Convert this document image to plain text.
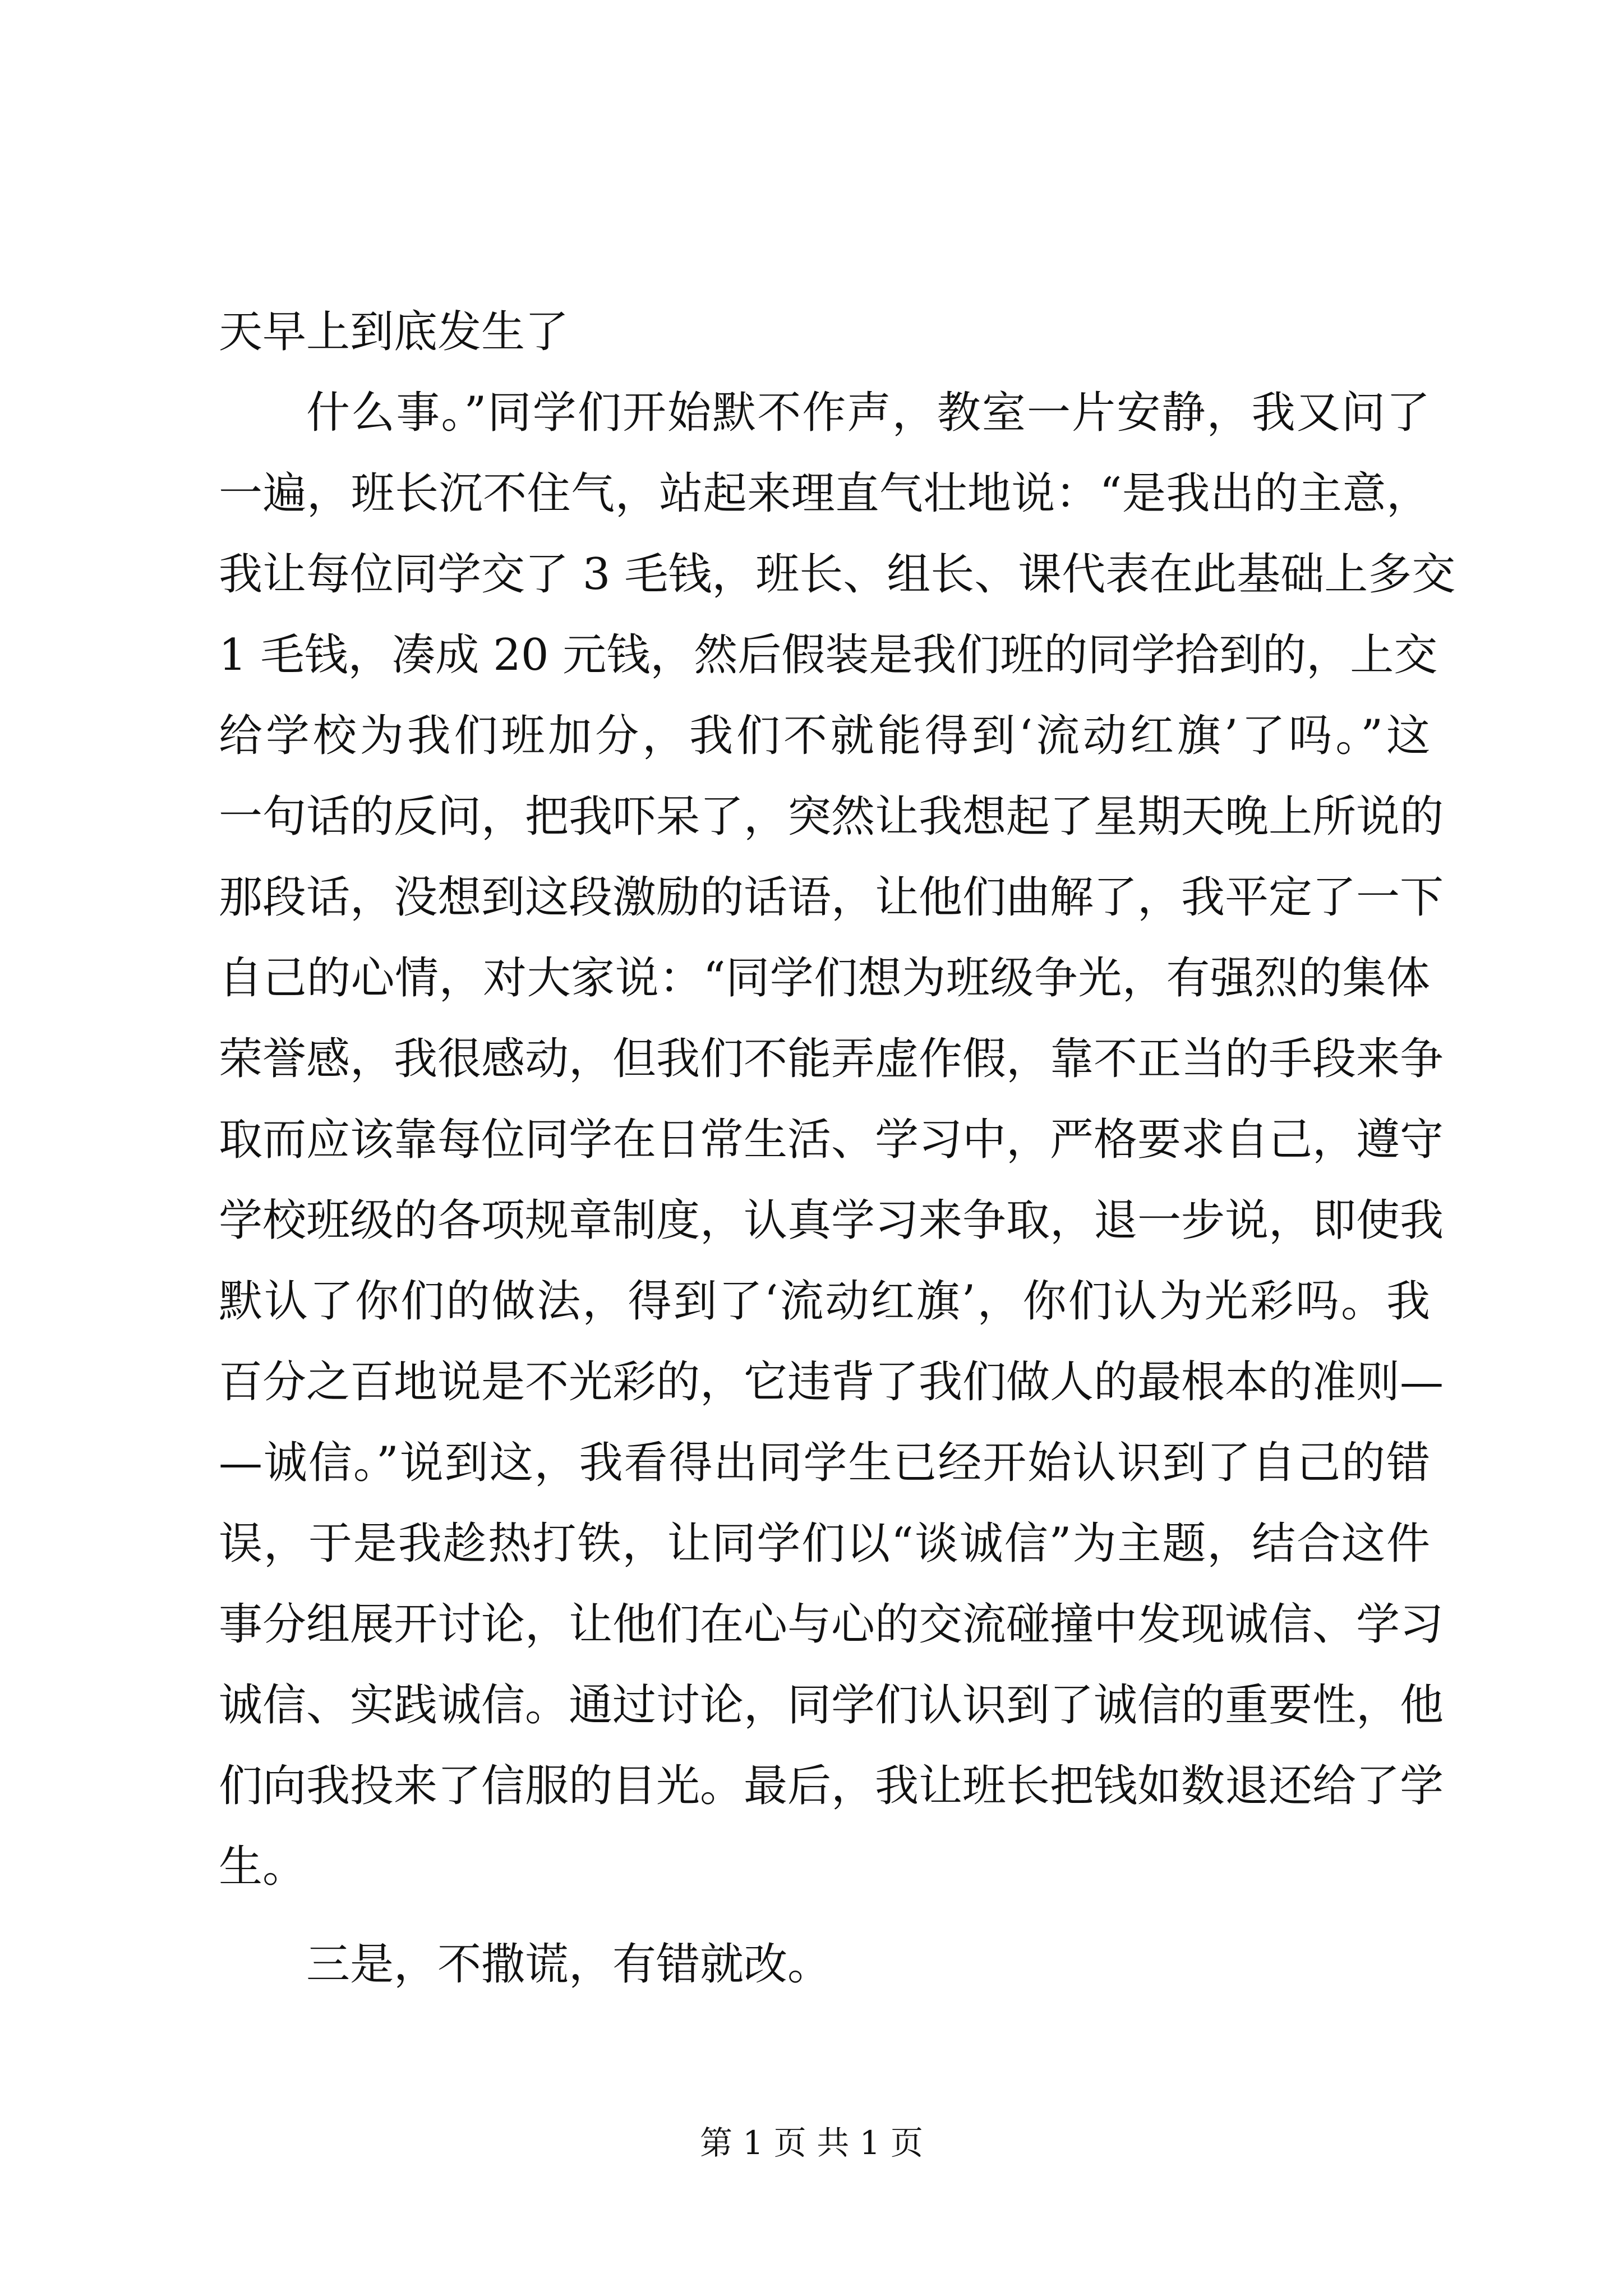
天早上到底发生了
什么事。”同学们开始默不作声，教室一片安静，我又问了
一遍，班长沉不住气，站起来理直气壮地说：“是我出的主意，
我让每位同学交了 3 毛钱，班长、组长、课代表在此基础上多交
1 毛钱，凑成 20 元钱，然后假装是我们班的同学拾到的，上交
给学校为我们班加分，我们不就能得到‘流动红旗’了吗。”这
一句话的反问，把我吓呆了，突然让我想起了星期天晚上所说的
那段话，没想到这段激励的话语，让他们曲解了，我平定了一下
自己的心情，对大家说：“同学们想为班级争光，有强烈的集体
荣誉感，我很感动，但我们不能弄虚作假，靠不正当的手段来争
取而应该靠每位同学在日常生活、学习中，严格要求自己，遵守
学校班级的各项规章制度，认真学习来争取，退一步说，即使我
默认了你们的做法，得到了‘流动红旗’，你们认为光彩吗。我
百分之百地说是不光彩的，它违背了我们做人的最根本的准则—
—诚信。”说到这，我看得出同学生已经开始认识到了自己的错
误，于是我趁热打铁，让同学们以“谈诚信”为主题，结合这件
事分组展开讨论，让他们在心与心的交流碰撞中发现诚信、学习
诚信、实践诚信。通过讨论，同学们认识到了诚信的重要性，他
们向我投来了信服的目光。最后，我让班长把钱如数退还给了学
生。
三是，不撒谎，有错就改。
第 1 页 共 1 页
